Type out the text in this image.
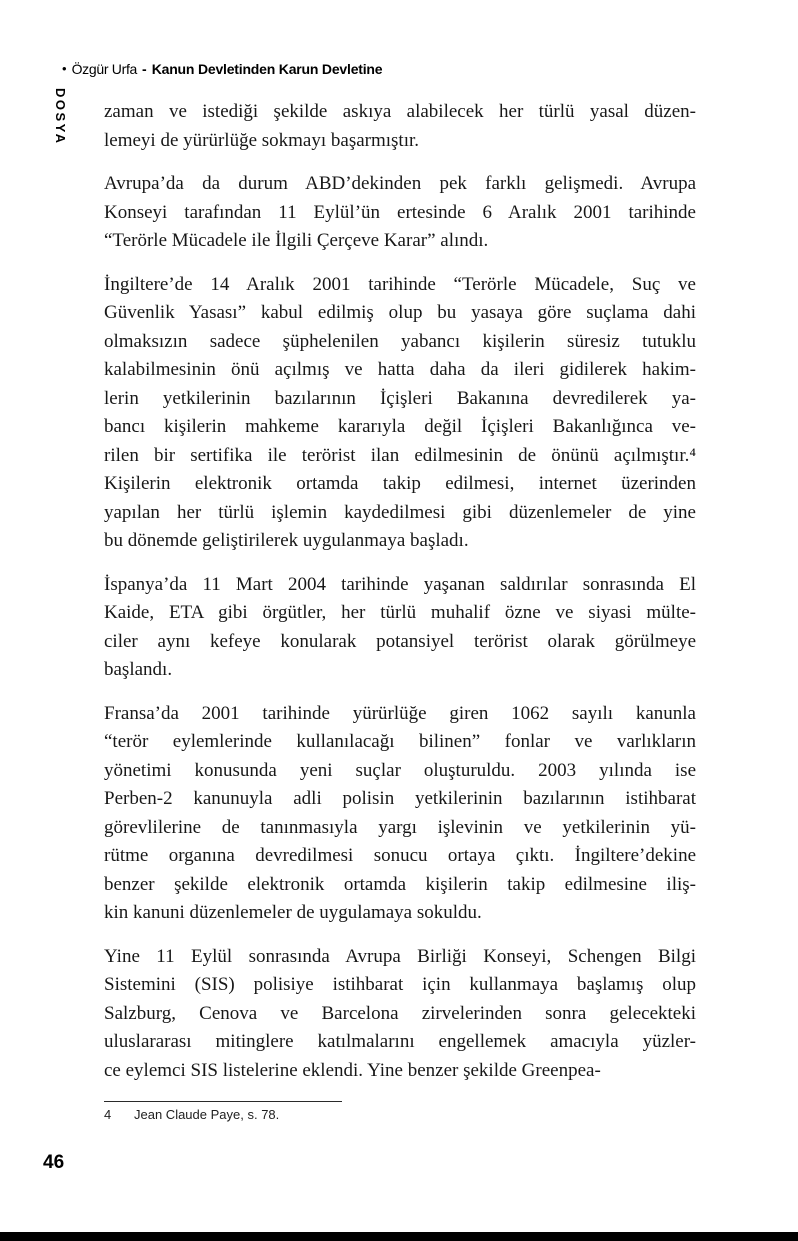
• Özgür Urfa - Kanun Devletinden Karun Devletine
DOSYA zaman ve istediği şekilde askıya alabilecek her türlü yasal düzen-
lemeyi de yürürlüğe sokmayı başarmıştır.
Avrupa’da da durum ABD’dekinden pek farklı gelişmedi. Avrupa
Konseyi tarafından 11 Eylül’ün ertesinde 6 Aralık 2001 tarihinde
“Terörle Mücadele ile İlgili Çerçeve Karar” alındı.
İngiltere’de 14 Aralık 2001 tarihinde “Terörle Mücadele, Suç ve
Güvenlik Yasası” kabul edilmiş olup bu yasaya göre suçlama dahi
olmaksızın sadece şüphelenilen yabancı kişilerin süresiz tutuklu
kalabilmesinin önü açılmış ve hatta daha da ileri gidilerek hakim-
lerin yetkilerinin bazılarının İçişleri Bakanına devredilerek ya-
bancı kişilerin mahkeme kararıyla değil İçişleri Bakanlığınca ve-
rilen bir sertifika ile terörist ilan edilmesinin de önünü açılmıştır.⁴
Kişilerin elektronik ortamda takip edilmesi, internet üzerinden
yapılan her türlü işlemin kaydedilmesi gibi düzenlemeler de yine
bu dönemde geliştirilerek uygulanmaya başladı.
İspanya’da 11 Mart 2004 tarihinde yaşanan saldırılar sonrasında El
Kaide, ETA gibi örgütler, her türlü muhalif özne ve siyasi mülte-
ciler aynı kefeye konularak potansiyel terörist olarak görülmeye
başlandı.
Fransa’da 2001 tarihinde yürürlüğe giren 1062 sayılı kanunla
“terör eylemlerinde kullanılacağı bilinen” fonlar ve varlıkların
yönetimi konusunda yeni suçlar oluşturuldu. 2003 yılında ise
Perben-2 kanunuyla adli polisin yetkilerinin bazılarının istihbarat
görevlilerine de tanınmasıyla yargı işlevinin ve yetkilerinin yü-
rütme organına devredilmesi sonucu ortaya çıktı. İngiltere’dekine
benzer şekilde elektronik ortamda kişilerin takip edilmesine iliş-
kin kanuni düzenlemeler de uygulamaya sokuldu.
Yine 11 Eylül sonrasında Avrupa Birliği Konseyi, Schengen Bilgi
Sistemini (SIS) polisiye istihbarat için kullanmaya başlamış olup
Salzburg, Cenova ve Barcelona zirvelerinden sonra gelecekteki
uluslararası mitinglere katılmalarını engellemek amacıyla yüzler-
ce eylemci SIS listelerine eklendi. Yine benzer şekilde Greenpea-
4 Jean Claude Paye, s. 78.
46
